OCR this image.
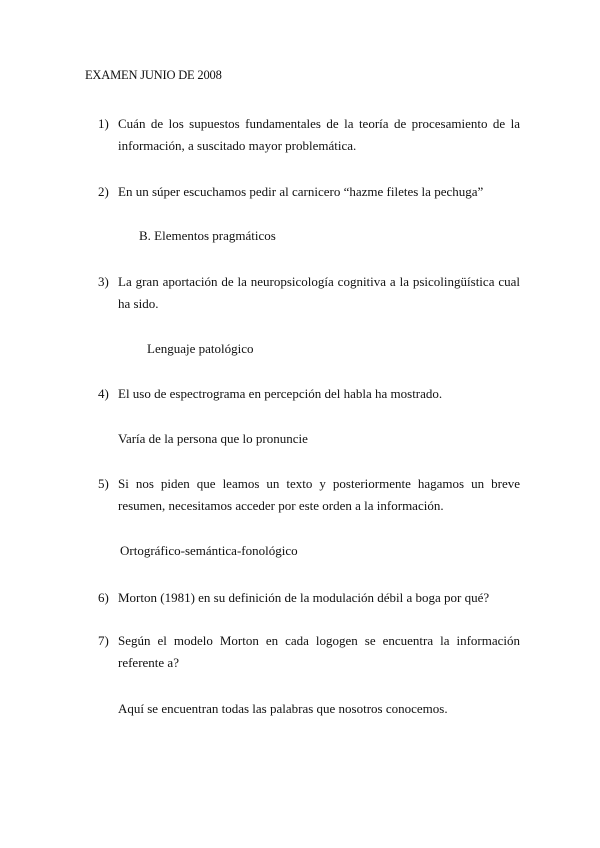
EXAMEN JUNIO DE 2008
1) Cuán de los supuestos fundamentales de la teoría de procesamiento de la información, a suscitado mayor problemática.
2) En un súper escuchamos pedir al carnicero “hazme filetes la pechuga”
B. Elementos pragmáticos
3) La gran aportación de la neuropsicología cognitiva a la psicolingüística cual ha sido.
Lenguaje patológico
4) El uso de espectrograma en percepción del habla ha mostrado.
Varía de la persona que lo pronuncie
5) Si nos piden que leamos un texto y posteriormente hagamos un breve resumen, necesitamos acceder por este orden a la información.
Ortográfico-semántica-fonológico
6) Morton (1981) en su definición de la modulación débil a boga por qué?
7) Según el modelo Morton en cada logogen se encuentra la información referente a?
Aquí se encuentran todas las palabras que nosotros conocemos.
